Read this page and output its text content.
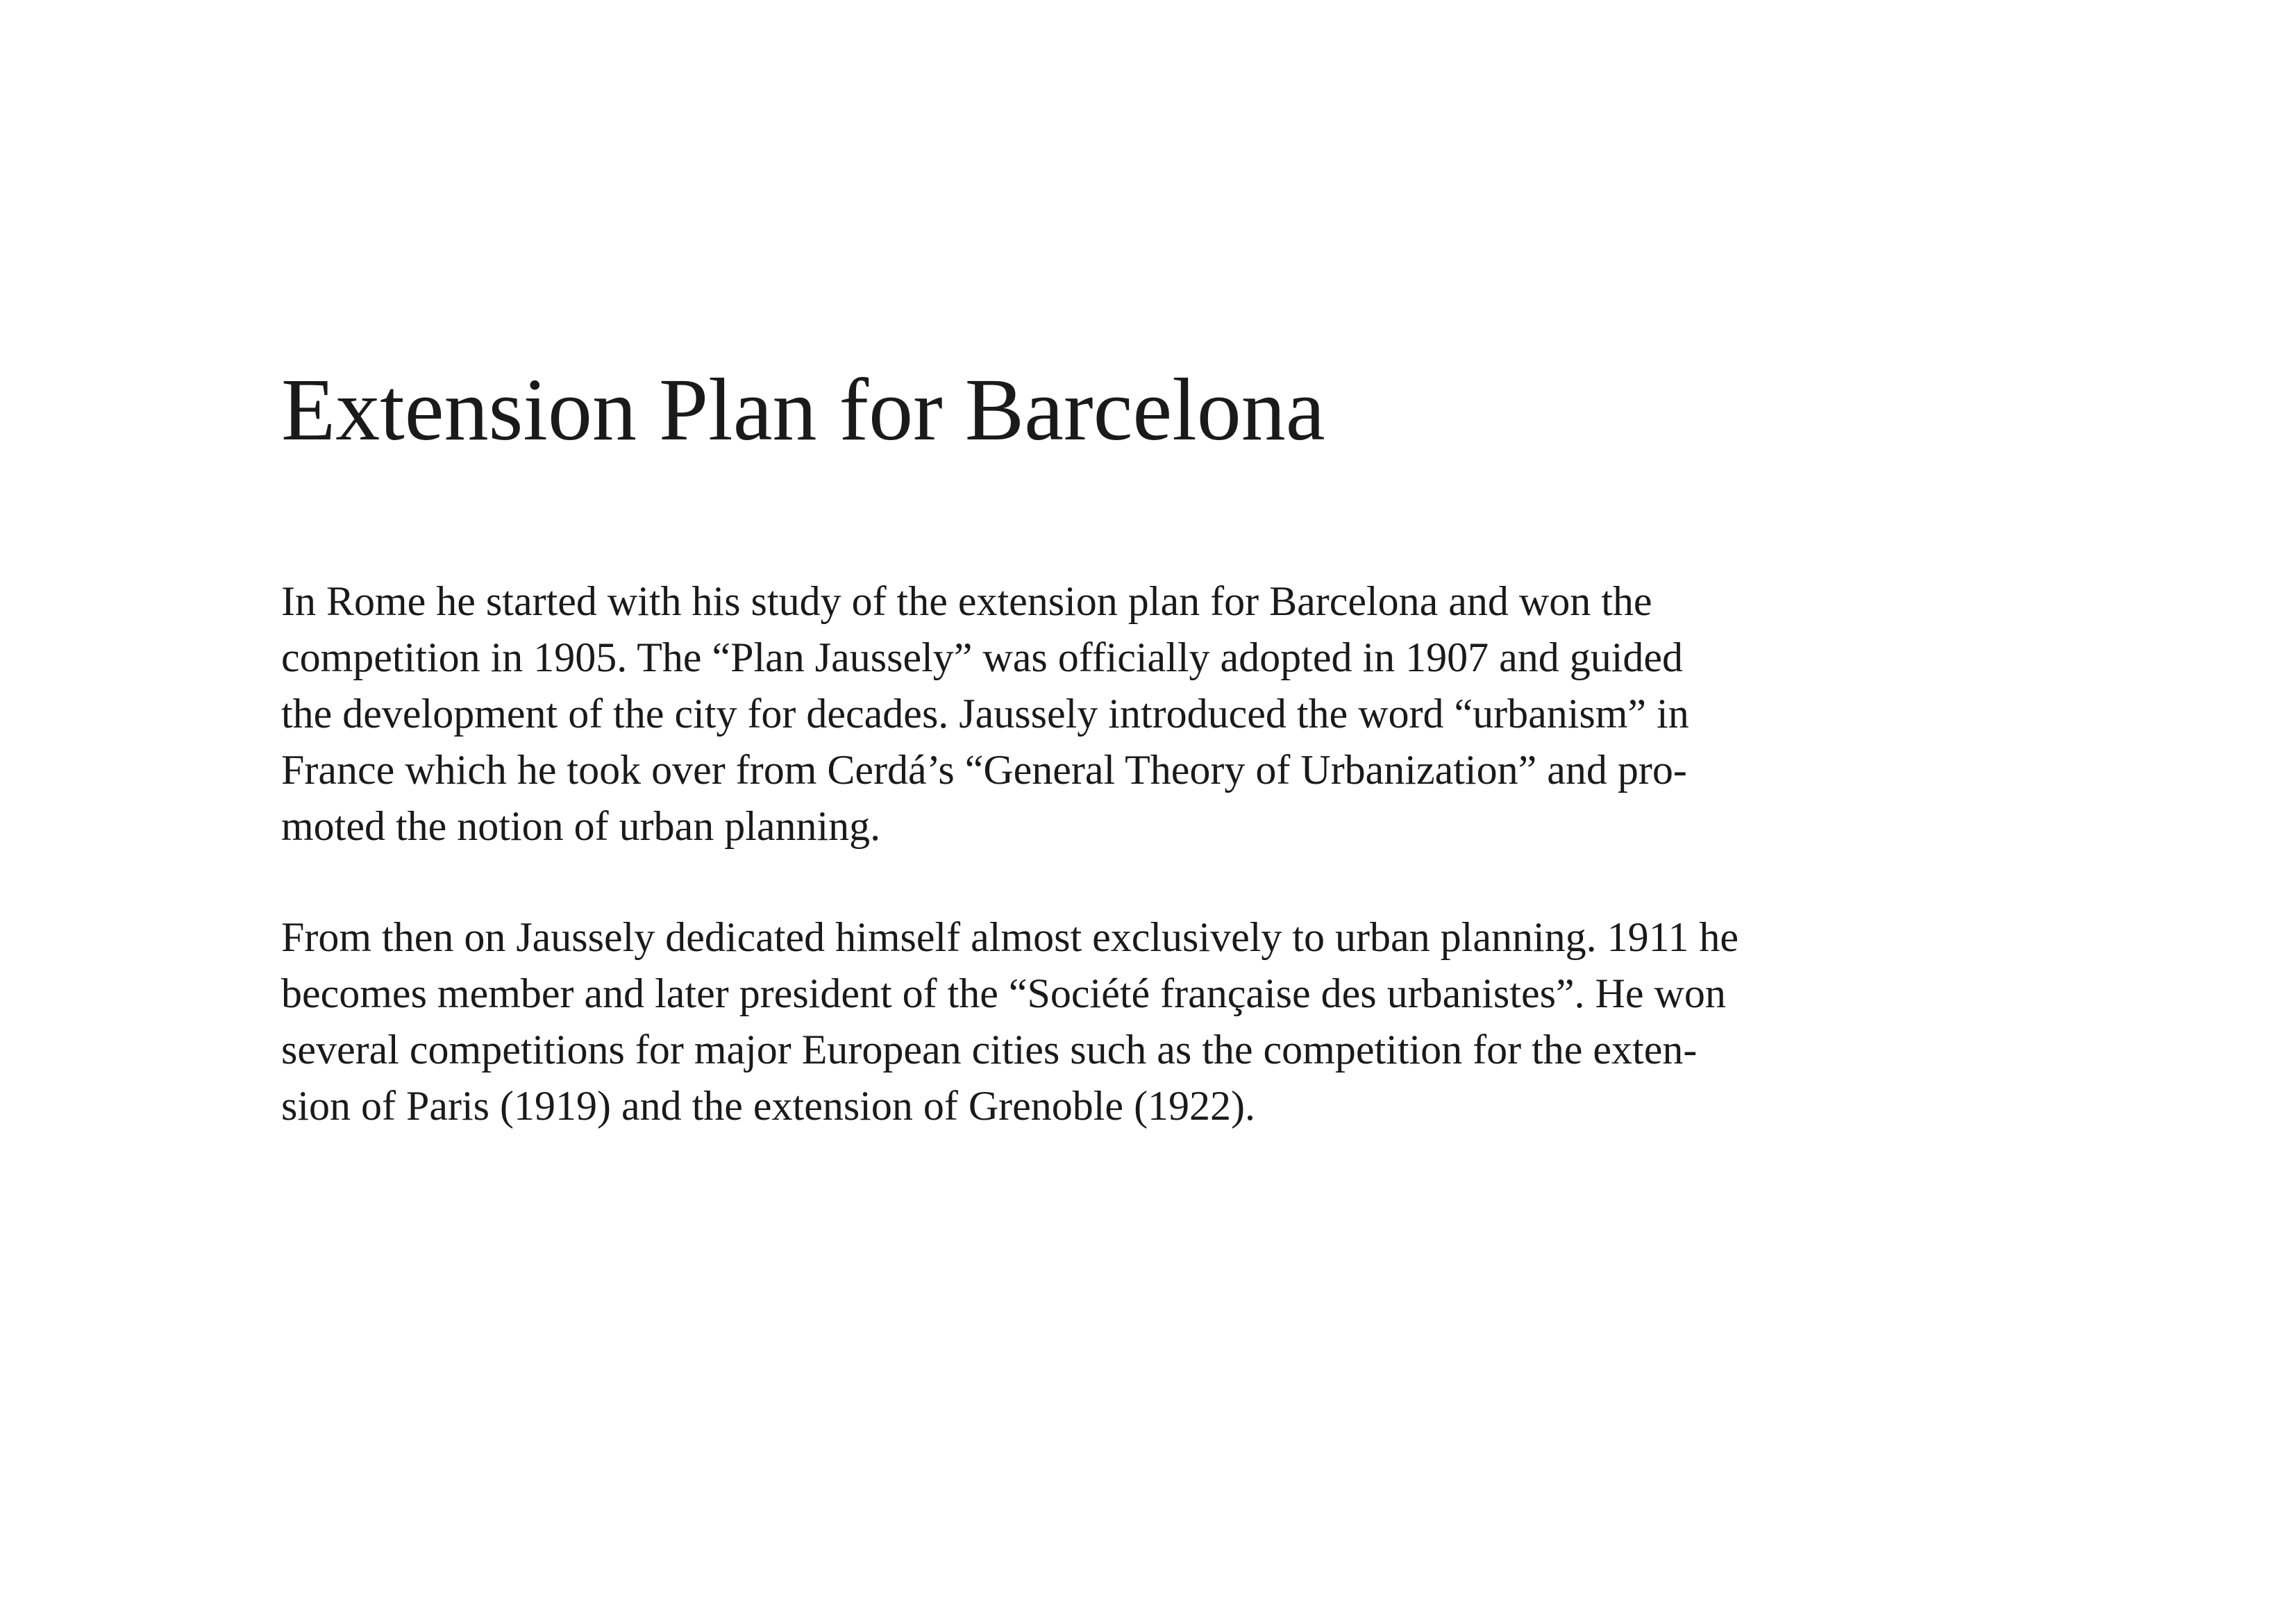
Extension Plan for Barcelona
In Rome he started with his study of the extension plan for Barcelona and won the
competition in 1905. The “Plan Jaussely” was officially adopted in 1907 and guided
the development of the city for decades. Jaussely introduced the word “urbanism” in
France which he took over from Cerdá’s “General Theory of Urbanization” and pro-
moted the notion of urban planning.
From then on Jaussely dedicated himself almost exclusively to urban planning. 1911 he
becomes member and later president of the “Société française des urbanistes”. He won
several competitions for major European cities such as the competition for the exten-
sion of Paris (1919) and the extension of Grenoble (1922).
